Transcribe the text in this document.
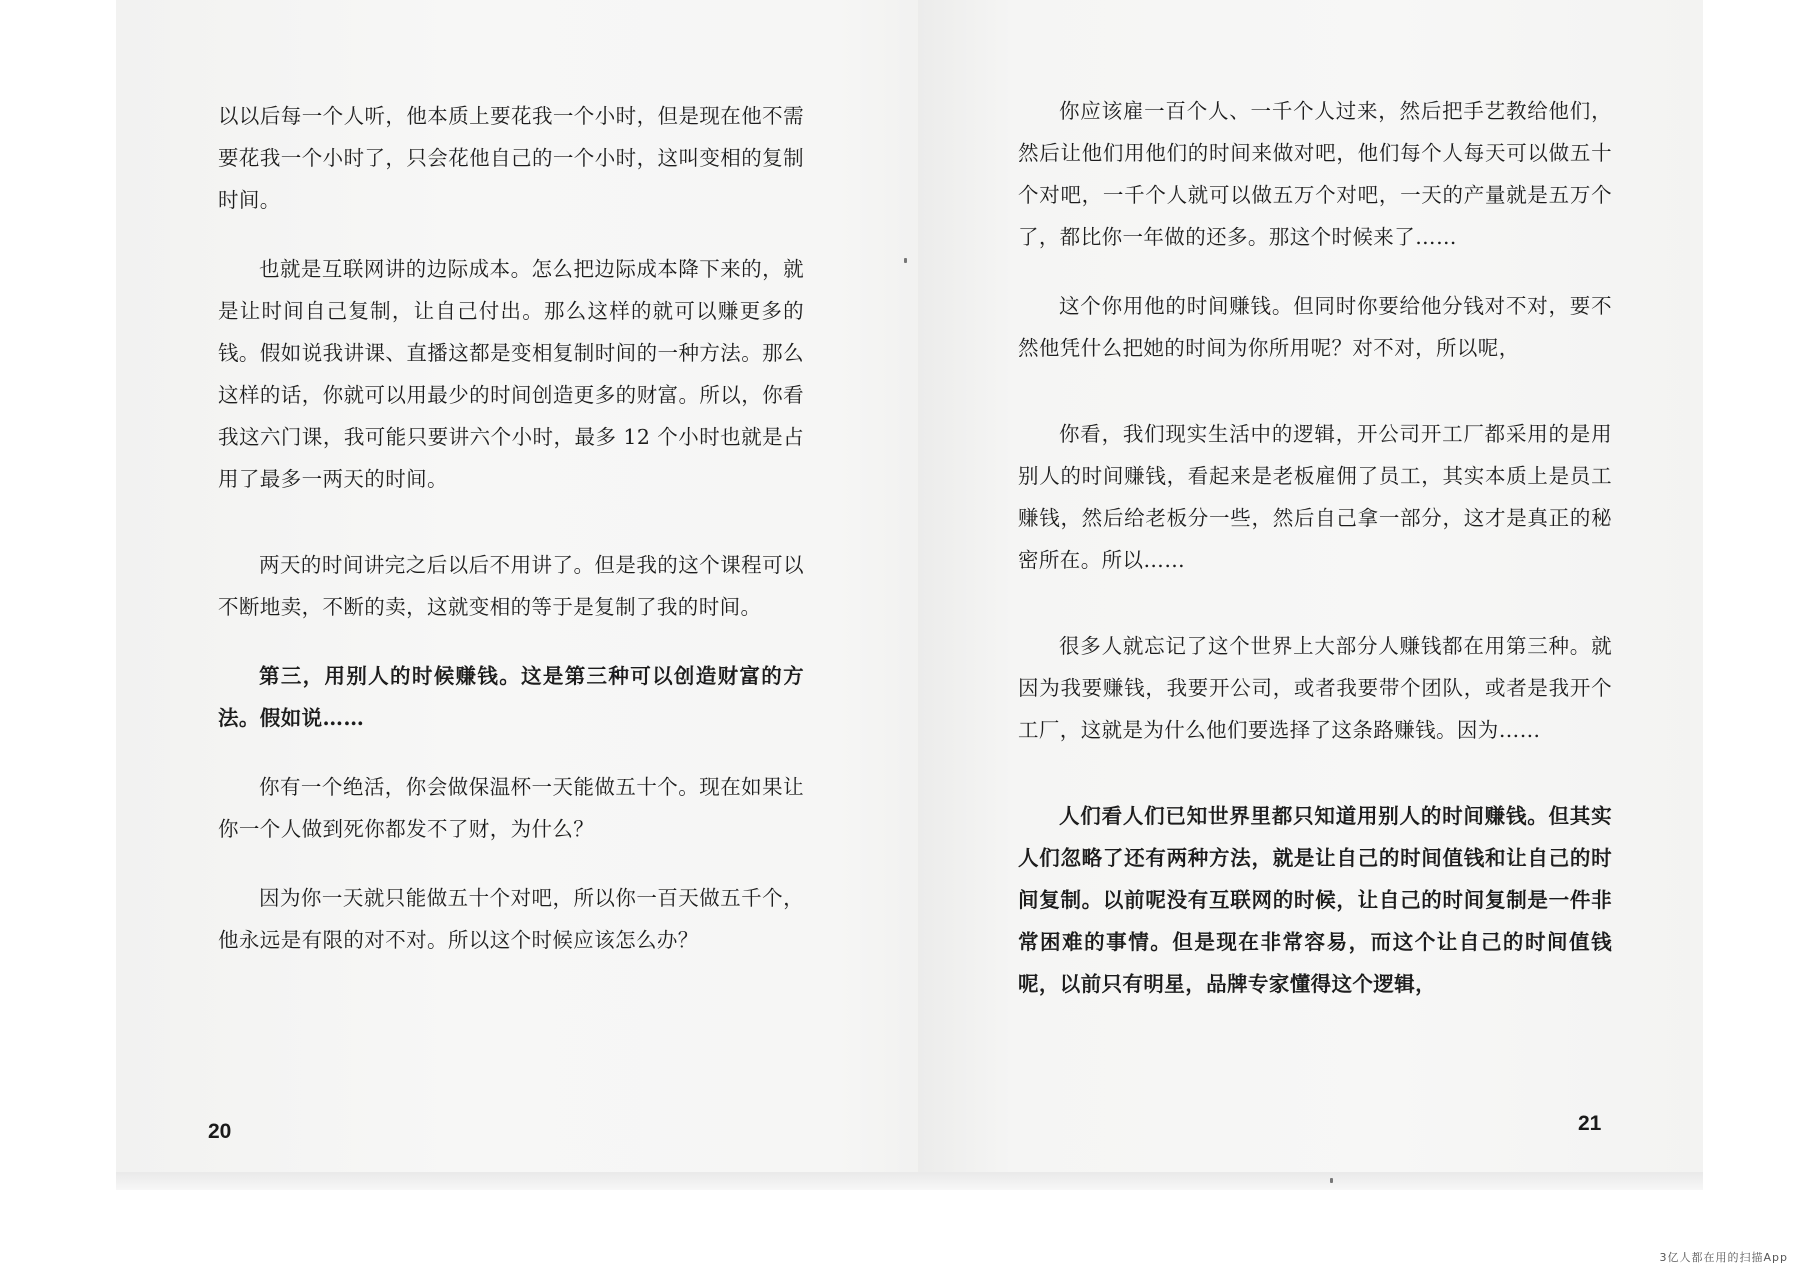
以以后每一个人听，他本质上要花我一个小时，但是现在他不需要花我一个小时了，只会花他自己的一个小时，这叫变相的复制时间。

也就是互联网讲的边际成本。怎么把边际成本降下来的，就是让时间自己复制，让自己付出。那么这样的就可以赚更多的钱。假如说我讲课、直播这都是变相复制时间的一种方法。那么这样的话，你就可以用最少的时间创造更多的财富。所以，你看我这六门课，我可能只要讲六个小时，最多 12 个小时也就是占用了最多一两天的时间。

两天的时间讲完之后以后不用讲了。但是我的这个课程可以不断地卖，不断的卖，这就变相的等于是复制了我的时间。

第三，用别人的时候赚钱。这是第三种可以创造财富的方法。假如说……

你有一个绝活，你会做保温杯一天能做五十个。现在如果让你一个人做到死你都发不了财，为什么？

因为你一天就只能做五十个对吧，所以你一百天做五千个，他永远是有限的对不对。所以这个时候应该怎么办？

你应该雇一百个人、一千个人过来，然后把手艺教给他们，然后让他们用他们的时间来做对吧，他们每个人每天可以做五十个对吧，一千个人就可以做五万个对吧，一天的产量就是五万个了，都比你一年做的还多。那这个时候来了……

这个你用他的时间赚钱。但同时你要给他分钱对不对，要不然他凭什么把她的时间为你所用呢？对不对，所以呢，

你看，我们现实生活中的逻辑，开公司开工厂都采用的是用别人的时间赚钱，看起来是老板雇佣了员工，其实本质上是员工赚钱，然后给老板分一些，然后自己拿一部分，这才是真正的秘密所在。所以……

很多人就忘记了这个世界上大部分人赚钱都在用第三种。就因为我要赚钱，我要开公司，或者我要带个团队，或者是我开个工厂，这就是为什么他们要选择了这条路赚钱。因为……

人们看人们已知世界里都只知道用别人的时间赚钱。但其实人们忽略了还有两种方法，就是让自己的时间值钱和让自己的时间复制。以前呢没有互联网的时候，让自己的时间复制是一件非常困难的事情。但是现在非常容易，而这个让自己的时间值钱呢，以前只有明星，品牌专家懂得这个逻辑，

20	21
3亿人都在用的扫描App
